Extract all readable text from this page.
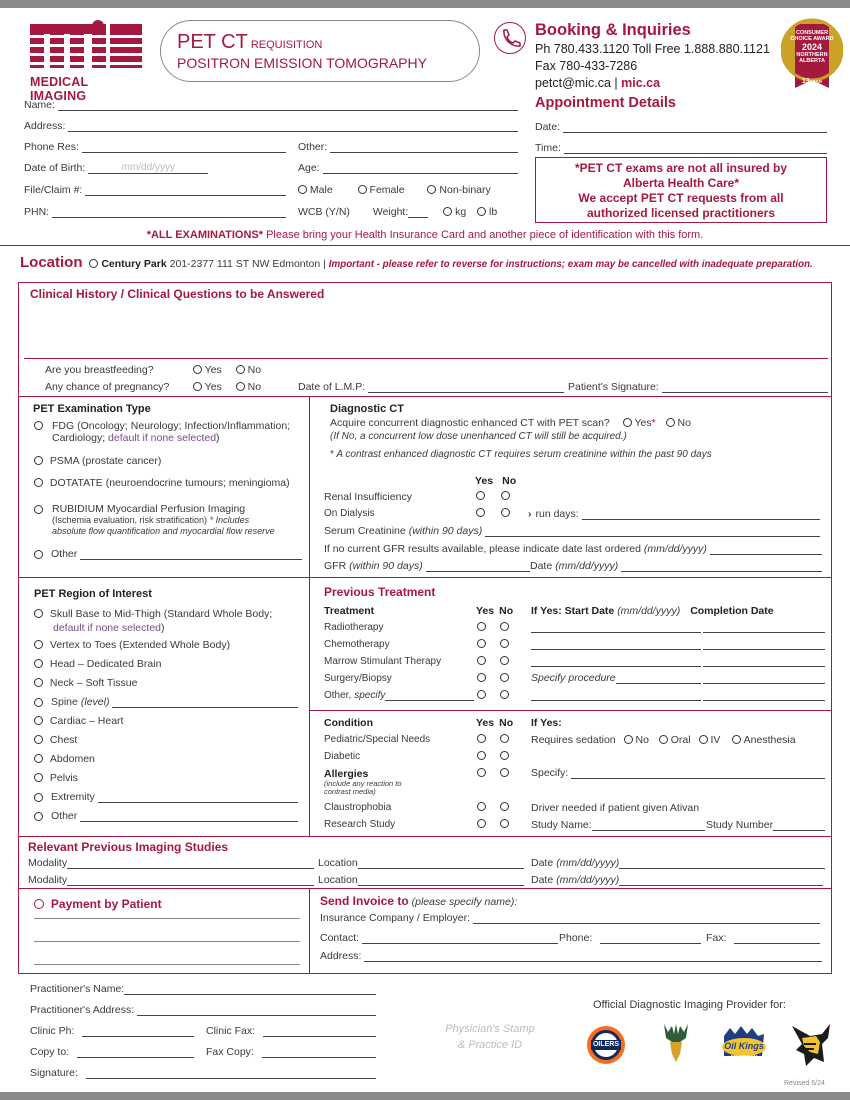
MEDICAL IMAGING
PET CT REQUISITION
POSITRON EMISSION TOMOGRAPHY
Booking & Inquiries
Ph 780.433.1120 Toll Free 1.888.880.1121
Fax 780-433-7286
petct@mic.ca | mic.ca
CONSUMER
CHOICE AWARD
2024
NORTHERN
ALBERTA
13YEAR
Name:
Address:
Phone Res:	Other:
Date of Birth:	mm/dd/yyyy	Age:
File/Claim #:	Male	Female	Non-binary
PHN:	WCB (Y/N) Weight:	kg lb
Appointment Details
Date:
Time:
*PET CT exams are not all insured by
Alberta Health Care*
We accept PET CT requests from all
authorized licensed practitioners
*ALL EXAMINATIONS* Please bring your Health Insurance Card and another piece of identification with this form.
Location Century Park 201-2377 111 ST NW Edmonton | Important - please refer to reverse for instructions; exam may be cancelled with inadequate preparation.
Clinical History / Clinical Questions to be Answered
Are you breastfeeding?	Yes No
Any chance of pregnancy?	Yes No	Date of L.M.P:	Patient's Signature:
PET Examination Type
FDG (Oncology; Neurology; Infection/Inflammation;
Cardiology; default if none selected)
PSMA (prostate cancer)
DOTATATE (neuroendocrine tumours; meningioma)
RUBIDIUM Myocardial Perfusion Imaging
(Ischemia evaluation, risk stratification) * Includes
absolute flow quantification and myocardial flow reserve
Other
Diagnostic CT
Acquire concurrent diagnostic enhanced CT with PET scan? Yes* No
(If No, a concurrent low dose unenhanced CT will still be acquired.)
* A contrast enhanced diagnostic CT requires serum creatinine within the past 90 days
Yes No
Renal Insufficiency
On Dialysis	› run days:
Serum Creatinine (within 90 days)
If no current GFR results available, please indicate date last ordered (mm/dd/yyyy)
GFR (within 90 days)	Date (mm/dd/yyyy)
PET Region of Interest
Skull Base to Mid-Thigh (Standard Whole Body;
default if none selected)
Vertex to Toes (Extended Whole Body)
Head – Dedicated Brain
Neck – Soft Tissue
Spine (level)
Cardiac – Heart
Chest
Abdomen
Pelvis
Extremity
Other
Previous Treatment
Treatment	Yes No If Yes: Start Date (mm/dd/yyyy) Completion Date
Radiotherapy
Chemotherapy
Marrow Stimulant Therapy
Surgery/Biopsy	Specify procedure
Other, specify
Condition	Yes No If Yes:
Pediatric/Special Needs	Requires sedation No Oral IV Anesthesia
Diabetic
Allergies
(include any reaction to
contrast media)
Specify:
Claustrophobia	Driver needed if patient given Ativan
Research Study	Study Name:	Study Number
Relevant Previous Imaging Studies
Modality	Location	Date (mm/dd/yyyy)
Modality	Location	Date (mm/dd/yyyy)
Payment by Patient	Send Invoice to (please specify name):
Insurance Company / Employer:
Contact:	Phone:	Fax:
Address:
Practitioner's Name:
Practitioner's Address:
Clinic Ph:	Clinic Fax:
Copy to:	Fax Copy:
Signature:
Physician's Stamp
& Practice ID
Official Diagnostic Imaging Provider for:
OILERS	Oil Kings
EDMONTON
Revised 6/24
